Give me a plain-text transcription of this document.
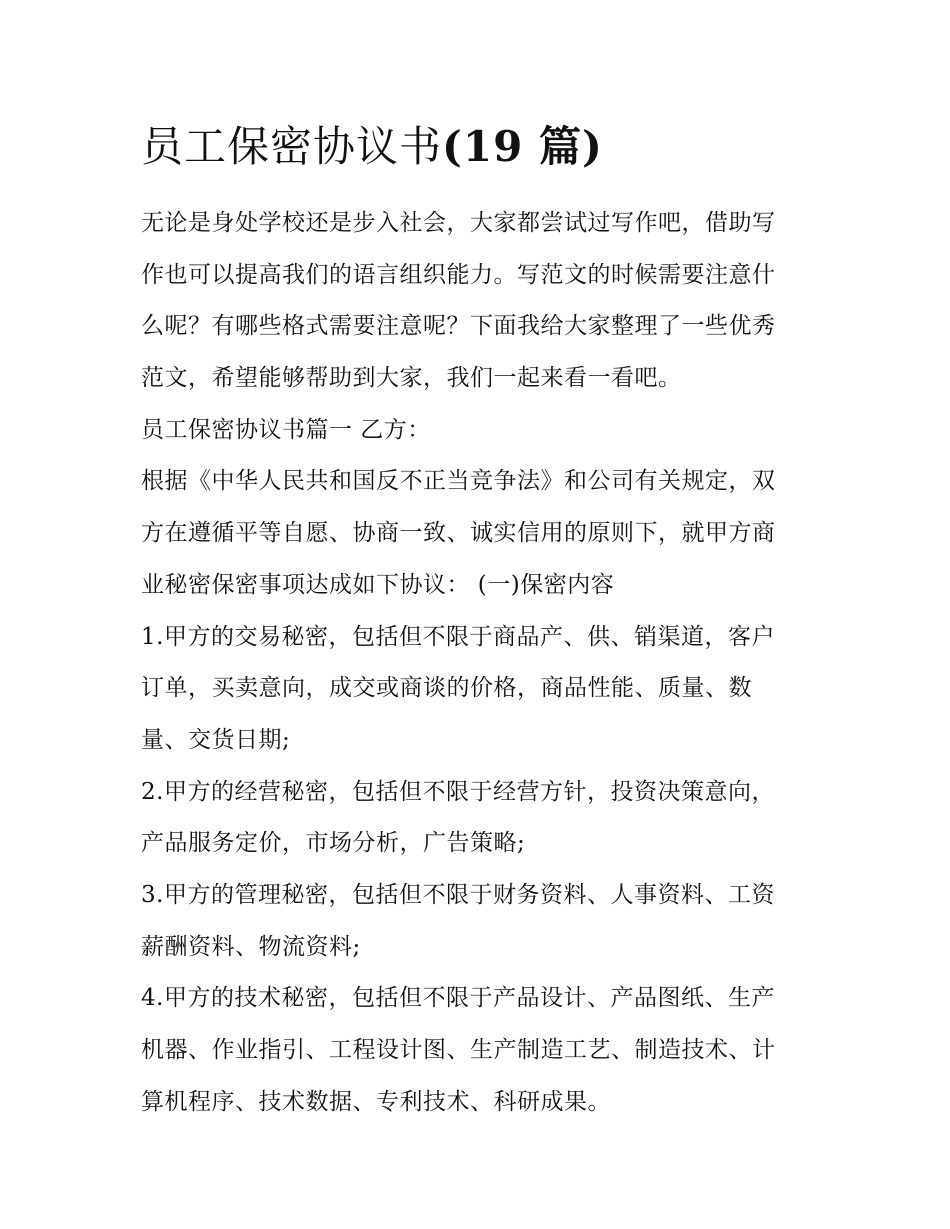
员工保密协议书(19 篇)
无论是身处学校还是步入社会，大家都尝试过写作吧，借助写
作也可以提高我们的语言组织能力。写范文的时候需要注意什
么呢？有哪些格式需要注意呢？下面我给大家整理了一些优秀
范文，希望能够帮助到大家，我们一起来看一看吧。
员工保密协议书篇一 乙方：
根据《中华人民共和国反不正当竞争法》和公司有关规定，双
方在遵循平等自愿、协商一致、诚实信用的原则下，就甲方商
业秘密保密事项达成如下协议： (一)保密内容
1.甲方的交易秘密，包括但不限于商品产、供、销渠道，客户
订单，买卖意向，成交或商谈的价格，商品性能、质量、数
量、交货日期;
2.甲方的经营秘密，包括但不限于经营方针，投资决策意向，
产品服务定价，市场分析，广告策略;
3.甲方的管理秘密，包括但不限于财务资料、人事资料、工资
薪酬资料、物流资料;
4.甲方的技术秘密，包括但不限于产品设计、产品图纸、生产
机器、作业指引、工程设计图、生产制造工艺、制造技术、计
算机程序、技术数据、专利技术、科研成果。
